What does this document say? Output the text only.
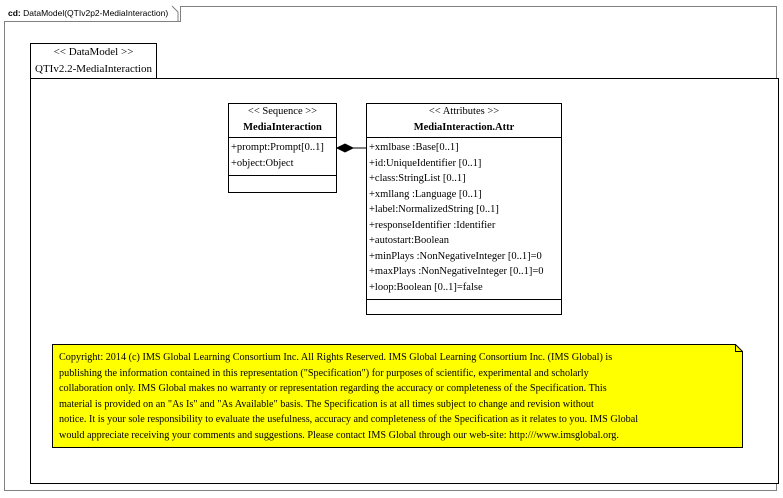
cd: DataModel(QTIv2p2-MediaInteraction)
<< DataModel >>
QTIv2.2-MediaInteraction
<< Sequence >>
MediaInteraction
+prompt:Prompt[0..1]
+object:Object
<< Attributes >>
MediaInteraction.Attr
+xmlbase :Base[0..1]
+id:UniqueIdentifier [0..1]
+class:StringList [0..1]
+xmllang :Language [0..1]
+label:NormalizedString [0..1]
+responseIdentifier :Identifier
+autostart:Boolean
+minPlays :NonNegativeInteger [0..1]=0
+maxPlays :NonNegativeInteger [0..1]=0
+loop:Boolean [0..1]=false
Copyright: 2014 (c) IMS Global Learning Consortium Inc. All Rights Reserved. IMS Global Learning Consortium Inc. (IMS Global) is
publishing the information contained in this representation ("Specification") for purposes of scientific, experimental and scholarly
collaboration only. IMS Global makes no warranty or representation regarding the accuracy or completeness of the Specification. This
material is provided on an "As Is" and "As Available" basis. The Specification is at all times subject to change and revision without
notice. It is your sole responsibility to evaluate the usefulness, accuracy and completeness of the Specification as it relates to you. IMS Global
would appreciate receiving your comments and suggestions. Please contact IMS Global through our web-site: http:///www.imsglobal.org.
